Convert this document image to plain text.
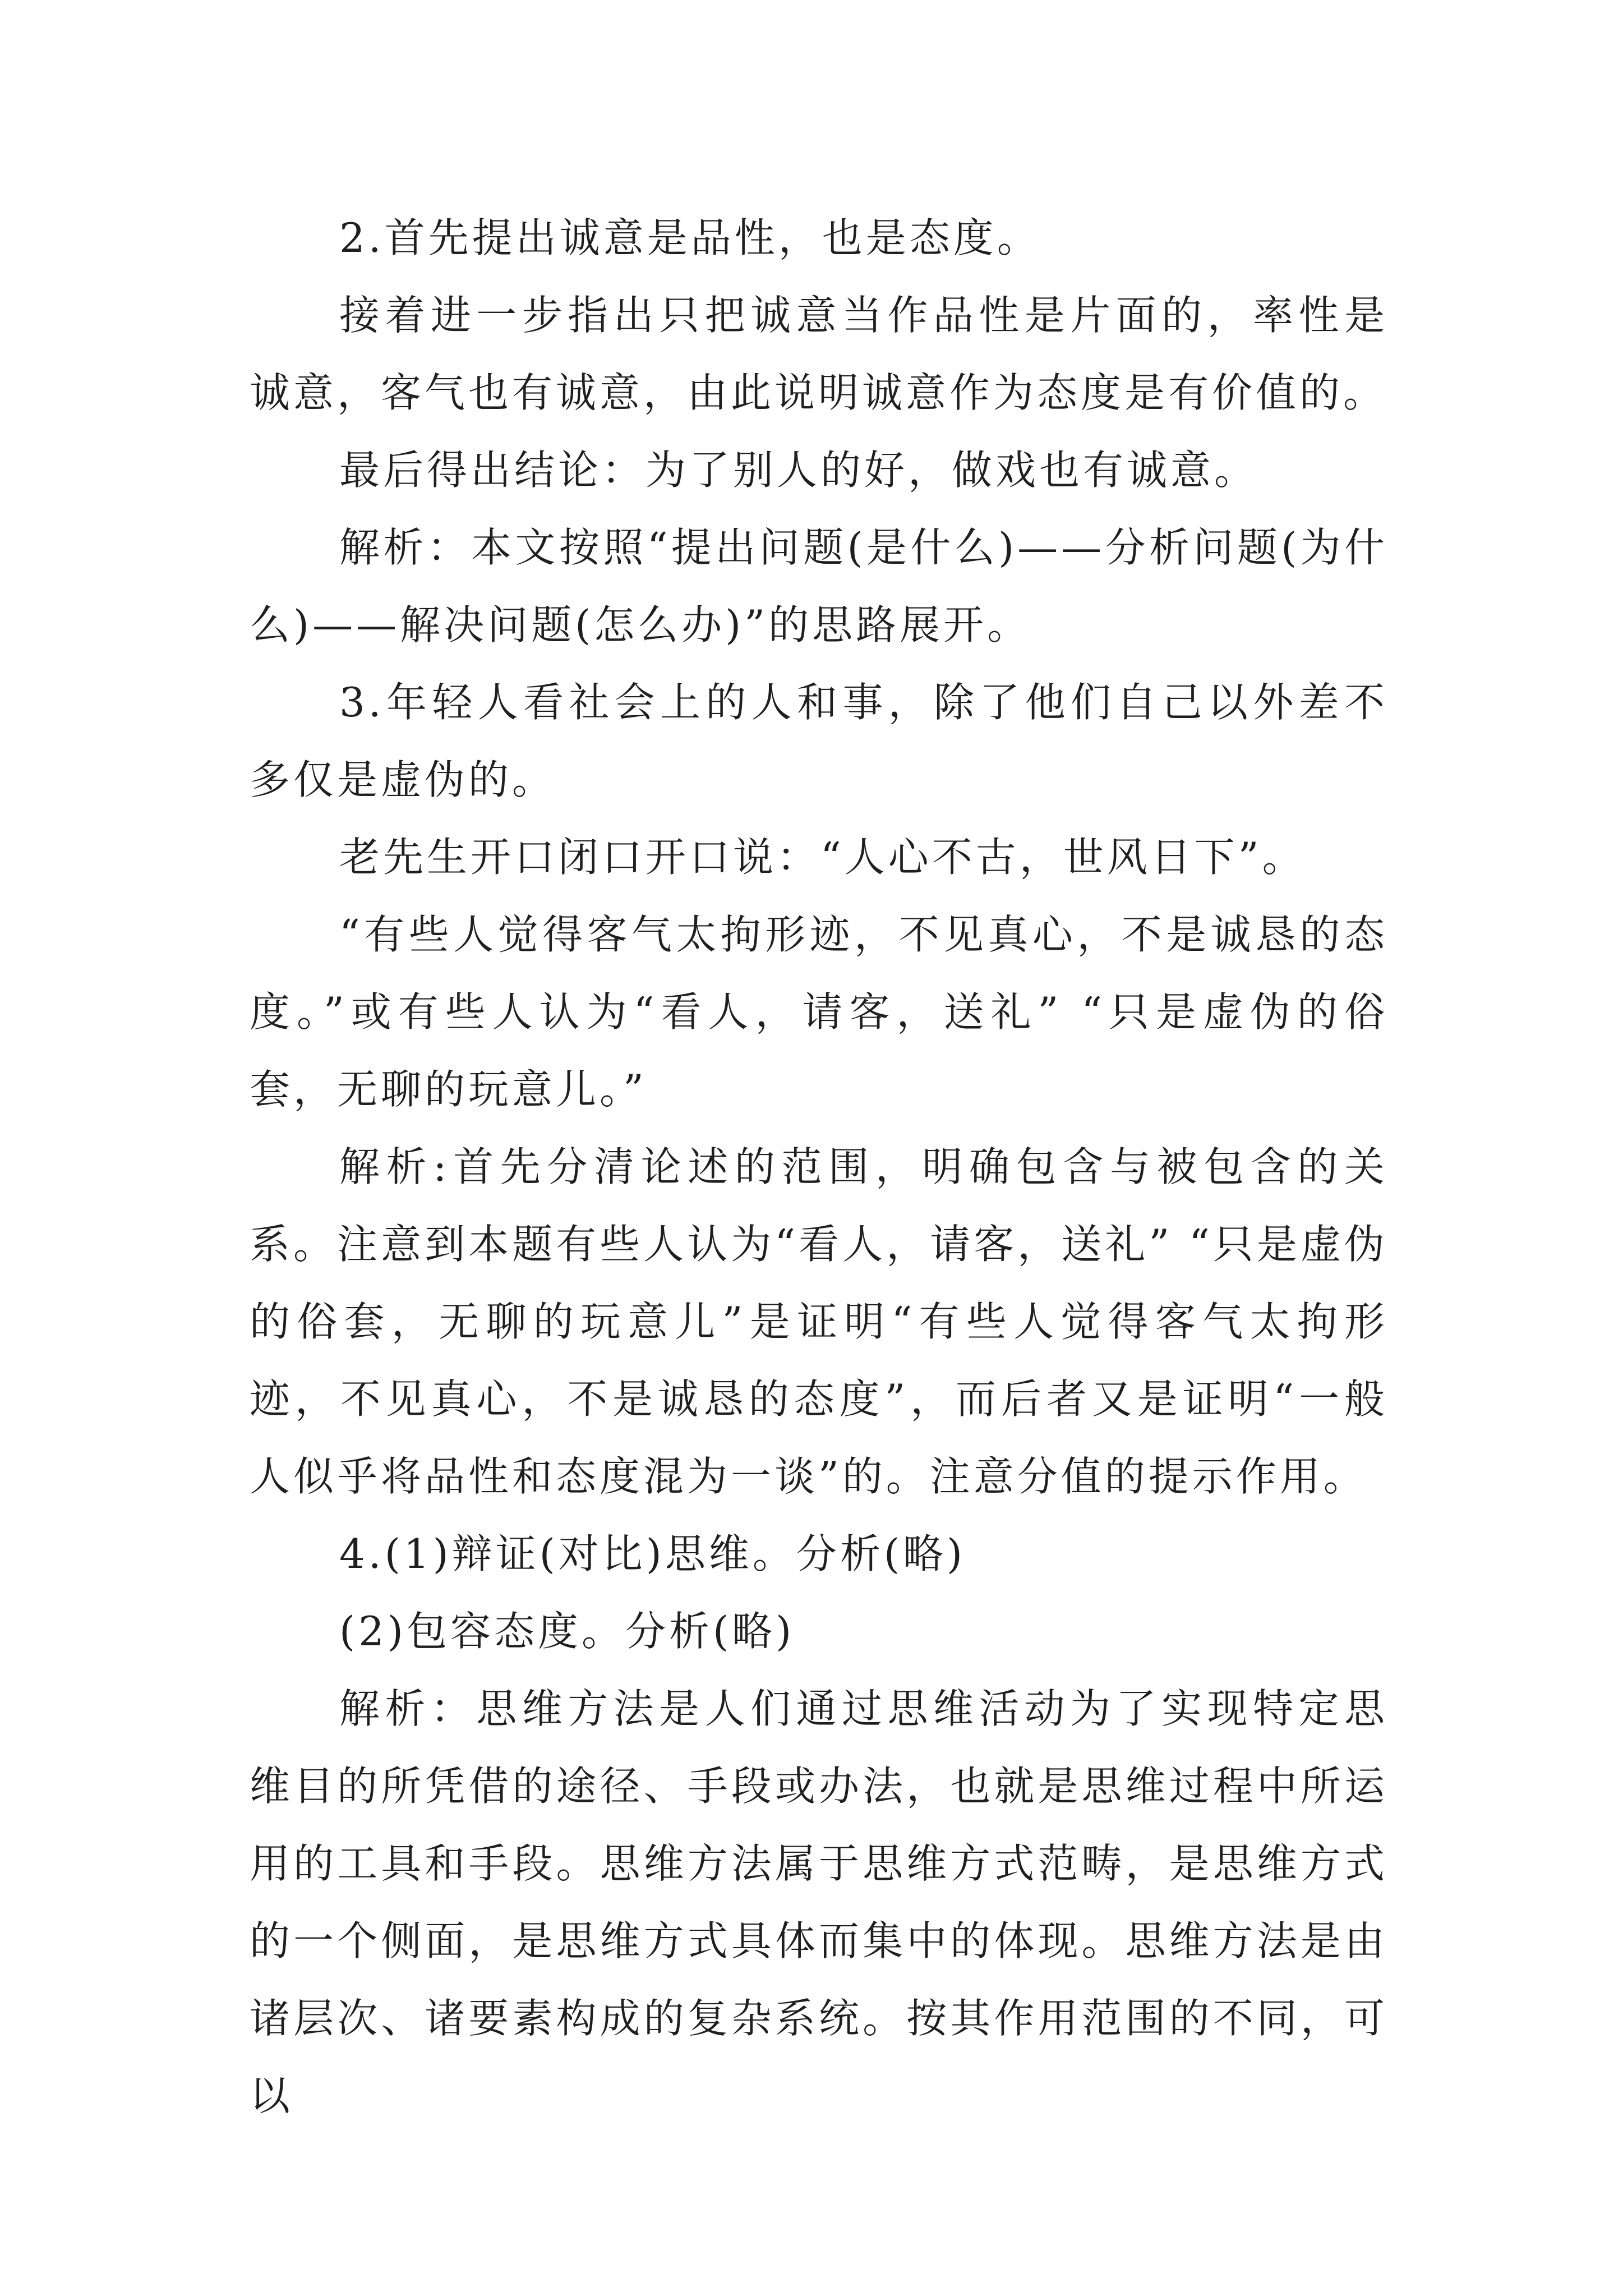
2.首先提出诚意是品性，也是态度。

接着进一步指出只把诚意当作品性是片面的，率性是诚意，客气也有诚意，由此说明诚意作为态度是有价值的。

最后得出结论：为了别人的好，做戏也有诚意。

解析：本文按照“提出问题(是什么)——分析问题(为什么)——解决问题(怎么办)”的思路展开。

3.年轻人看社会上的人和事，除了他们自己以外差不多仅是虚伪的。

老先生开口闭口开口说：“人心不古，世风日下”。

“有些人觉得客气太拘形迹，不见真心，不是诚恳的态度。”或有些人认为“看人，请客，送礼” “只是虚伪的俗套，无聊的玩意儿。”

解析:首先分清论述的范围，明确包含与被包含的关系。注意到本题有些人认为“看人，请客，送礼” “只是虚伪的俗套，无聊的玩意儿”是证明“有些人觉得客气太拘形迹，不见真心，不是诚恳的态度”，而后者又是证明“一般人似乎将品性和态度混为一谈”的。注意分值的提示作用。

4.(1)辩证(对比)思维。分析(略)

(2)包容态度。分析(略)

解析：思维方法是人们通过思维活动为了实现特定思维目的所凭借的途径、手段或办法，也就是思维过程中所运用的工具和手段。思维方法属于思维方式范畴，是思维方式的一个侧面，是思维方式具体而集中的体现。思维方法是由诸层次、诸要素构成的复杂系统。按其作用范围的不同，可以
